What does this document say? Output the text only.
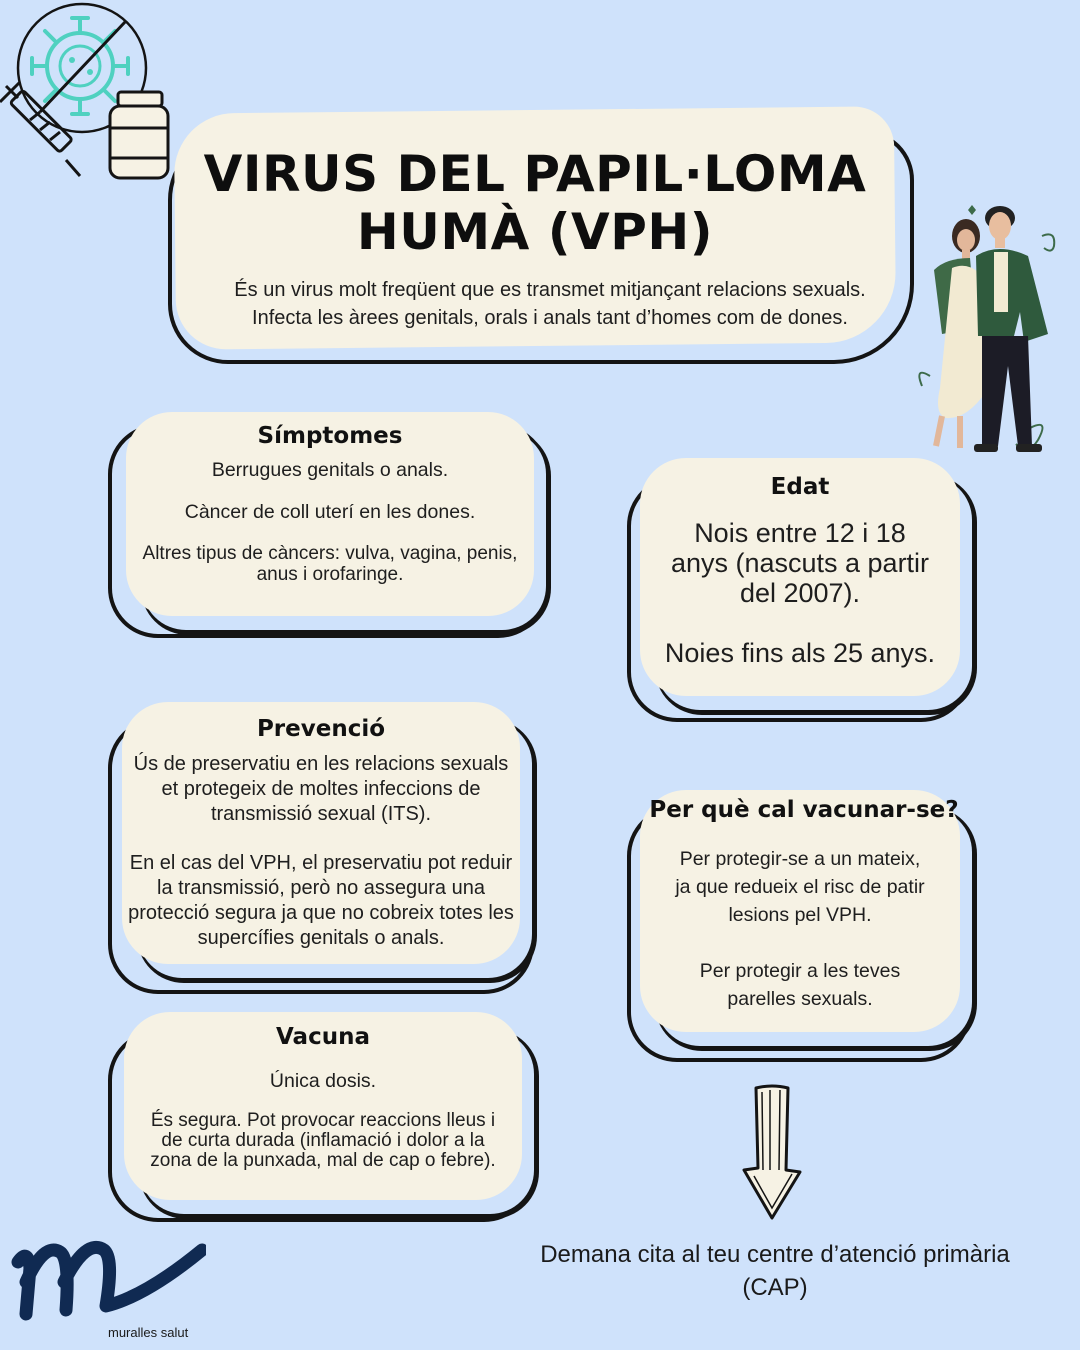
VIRUS DEL PAPIL·LOMA HUMÀ (VPH)
És un virus molt freqüent que es transmet mitjançant relacions sexuals.
Infecta les àrees genitals, orals i anals tant d’homes com de dones.
Símptomes

Berrugues genitals o anals.

Càncer de coll uterí en les dones.

Altres tipus de càncers: vulva, vagina, penis, anus i orofaringe.

Edat

Nois entre 12 i 18 anys (nascuts a partir del 2007).

Noies fins als 25 anys.

Prevenció

Ús de preservatiu en les relacions sexuals et protegeix de moltes infeccions de transmissió sexual (ITS).

En el cas del VPH, el preservatiu pot reduir la transmissió, però no assegura una protecció segura ja que no cobreix totes les supercífies genitals o anals.

Per què cal vacunar-se?

Per protegir-se a un mateix, ja que redueix el risc de patir lesions pel VPH.

Per protegir a les teves parelles sexuals.

Vacuna

Única dosis.

És segura. Pot provocar reaccions lleus i de curta durada (inflamació i dolor a la zona de la punxada, mal de cap o febre).

Demana cita al teu centre d’atenció primària
(CAP)
muralles salut
